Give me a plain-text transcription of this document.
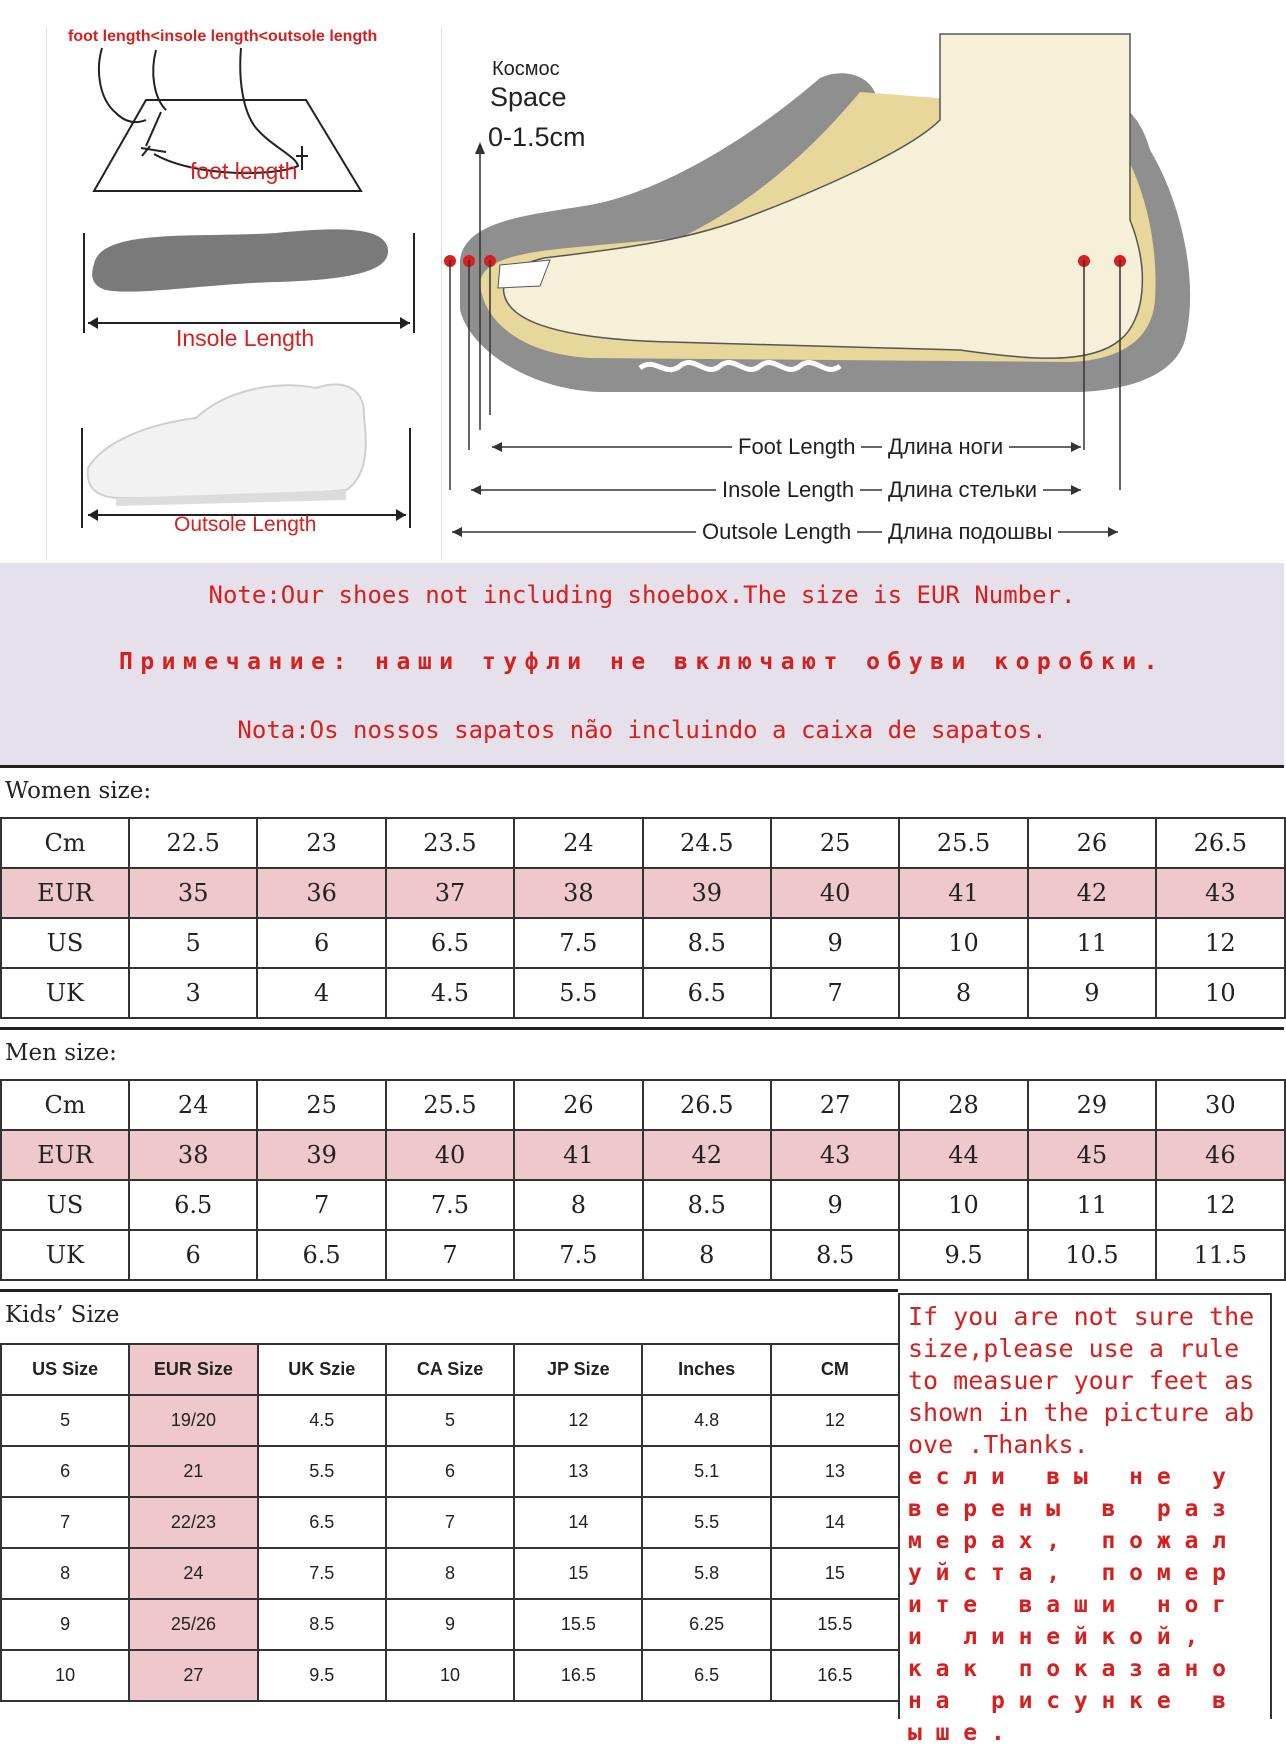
foot length<insole length<outsole length
foot length
Insole Length
Outsole Length
Космос
Space
0-1.5cm
Foot Length Длина ноги
Insole Length Длина стельки
Outsole Length Длина подошвы
Note:Our shoes not including shoebox.The size is EUR Number.
Примечание: наши туфли не включают обуви коробки.
Nota:Os nossos sapatos não incluindo a caixa de sapatos.
Women size:
Cm	22.5	23	23.5	24	24.5	25	25.5	26	26.5
EUR	35	36	37	38	39	40	41	42	43
US	5	6	6.5	7.5	8.5	9	10	11	12
UK	3	4	4.5	5.5	6.5	7	8	9	10
Men size:
Cm	24	25	25.5	26	26.5	27	28	29	30
EUR	38	39	40	41	42	43	44	45	46
US	6.5	7	7.5	8	8.5	9	10	11	12
UK	6	6.5	7	7.5	8	8.5	9.5	10.5	11.5
Kids’ Size
US Size	EUR Size	UK Szie	CA Size	JP Size	Inches	CM
5	19/20	4.5	5	12	4.8	12
6	21	5.5	6	13	5.1	13
7	22/23	6.5	7	14	5.5	14
8	24	7.5	8	15	5.8	15
9	25/26	8.5	9	15.5	6.25	15.5
10	27	9.5	10	16.5	6.5	16.5
If you are not sure the size,please use a rule to measuer your feet as shown in the picture above .Thanks.
если вы не уверены в размерах, пожалуйста, померите ваши ноги линейкой, как показано на рисунке выше.
